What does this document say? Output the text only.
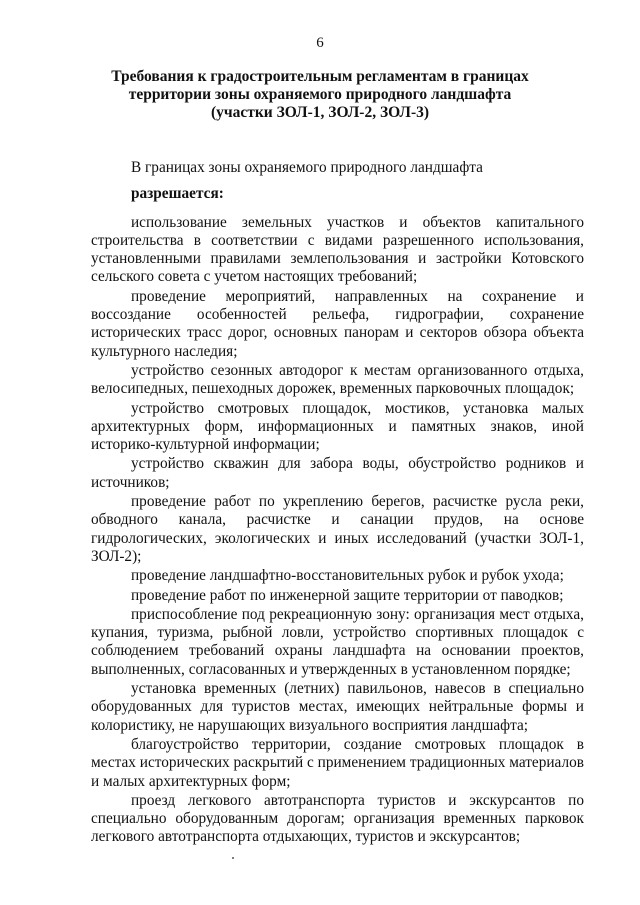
6
Требования к градостроительным регламентам в границах
территории зоны охраняемого природного ландшафта
(участки ЗОЛ-1, ЗОЛ-2, ЗОЛ-3)
В границах зоны охраняемого природного ландшафта
разрешается:

использование земельных участков и объектов капитального строительства в соответствии с видами разрешенного использования, установленными правилами землепользования и застройки Котовского сельского совета с учетом настоящих требований;

проведение мероприятий, направленных на сохранение и воссоздание особенностей рельефа, гидрографии, сохранение исторических трасс дорог, основных панорам и секторов обзора объекта культурного наследия;

устройство сезонных автодорог к местам организованного отдыха, велосипедных, пешеходных дорожек, временных парковочных площадок;

устройство смотровых площадок, мостиков, установка малых архитектурных форм, информационных и памятных знаков, иной историко-культурной информации;

устройство скважин для забора воды, обустройство родников и источников;

проведение работ по укреплению берегов, расчистке русла реки, обводного канала, расчистке и санации прудов, на основе гидрологических, экологических и иных исследований (участки ЗОЛ-1, ЗОЛ-2);

проведение ландшафтно-восстановительных рубок и рубок ухода;

проведение работ по инженерной защите территории от паводков;

приспособление под рекреационную зону: организация мест отдыха, купания, туризма, рыбной ловли, устройство спортивных площадок с соблюдением требований охраны ландшафта на основании проектов, выполненных, согласованных и утвержденных в установленном порядке;

установка временных (летних) павильонов, навесов в специально оборудованных для туристов местах, имеющих нейтральные формы и колористику, не нарушающих визуального восприятия ландшафта;

благоустройство территории, создание смотровых площадок в местах исторических раскрытий с применением традиционных материалов и малых архитектурных форм;

проезд легкового автотранспорта туристов и экскурсантов по специально оборудованным дорогам; организация временных парковок легкового автотранспорта отдыхающих, туристов и экскурсантов;
